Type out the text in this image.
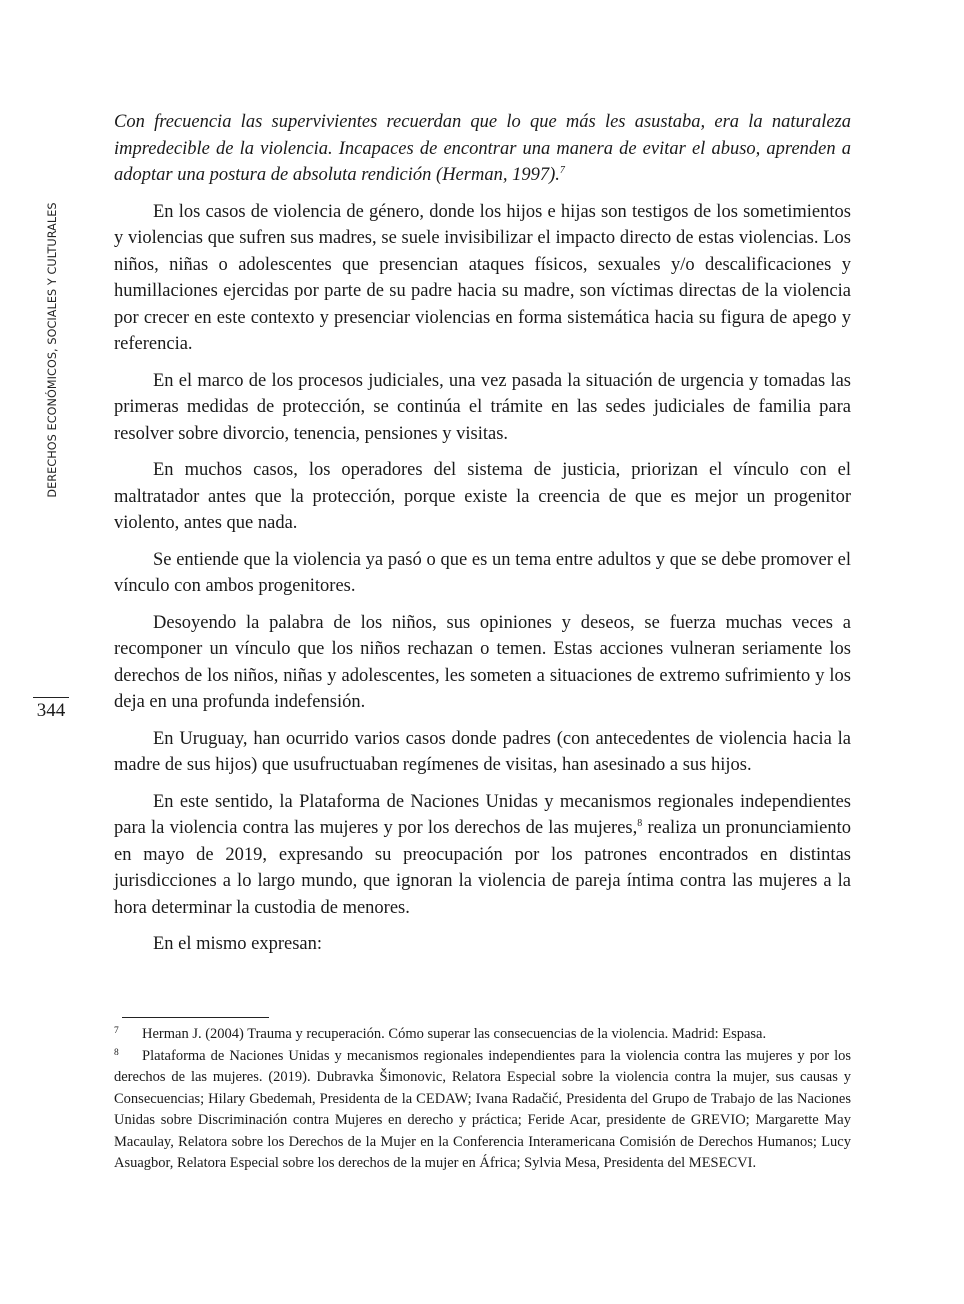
DERECHOS ECONÓMICOS, SOCIALES Y CULTURALES
344

Con frecuencia las supervivientes recuerdan que lo que más les asustaba, era la naturaleza impredecible de la violencia. Incapaces de encontrar una manera de evitar el abuso, aprenden a adoptar una postura de absoluta rendición (Herman, 1997).$^7$

En los casos de violencia de género, donde los hijos e hijas son testigos de los sometimientos y violencias que sufren sus madres, se suele invisibilizar el impacto directo de estas violencias. Los niños, niñas o adolescentes que presencian ataques físicos, sexuales y/o descalificaciones y humillaciones ejercidas por parte de su padre hacia su madre, son víctimas directas de la violencia por crecer en este contexto y presenciar violencias en forma sistemática hacia su figura de apego y referencia.

En el marco de los procesos judiciales, una vez pasada la situación de urgencia y tomadas las primeras medidas de protección, se continúa el trámite en las sedes judiciales de familia para resolver sobre divorcio, tenencia, pensiones y visitas.

En muchos casos, los operadores del sistema de justicia, priorizan el vínculo con el maltratador antes que la protección, porque existe la creencia de que es mejor un progenitor violento, antes que nada.

Se entiende que la violencia ya pasó o que es un tema entre adultos y que se debe promover el vínculo con ambos progenitores.

Desoyendo la palabra de los niños, sus opiniones y deseos, se fuerza muchas veces a recomponer un vínculo que los niños rechazan o temen. Estas acciones vulneran seriamente los derechos de los niños, niñas y adolescentes, les someten a situaciones de extremo sufrimiento y los deja en una profunda indefensión.

En Uruguay, han ocurrido varios casos donde padres (con antecedentes de violencia hacia la madre de sus hijos) que usufructuaban regímenes de visitas, han asesinado a sus hijos.

En este sentido, la Plataforma de Naciones Unidas y mecanismos regionales independientes para la violencia contra las mujeres y por los derechos de las mujeres,$^8$ realiza un pronunciamiento en mayo de 2019, expresando su preocupación por los patrones encontrados en distintas jurisdicciones a lo largo mundo, que ignoran la violencia de pareja íntima contra las mujeres a la hora determinar la custodia de menores.

En el mismo expresan:

7 Herman J. (2004) Trauma y recuperación. Cómo superar las consecuencias de la violencia. Madrid: Espasa.

8 Plataforma de Naciones Unidas y mecanismos regionales independientes para la violencia contra las mujeres y por los derechos de las mujeres. (2019). Dubravka Šimonovic, Relatora Especial sobre la violencia contra la mujer, sus causas y Consecuencias; Hilary Gbedemah, Presidenta de la CEDAW; Ivana Radačić, Presidenta del Grupo de Trabajo de las Naciones Unidas sobre Discriminación contra Mujeres en derecho y práctica; Feride Acar, presidente de GREVIO; Margarette May Macaulay, Relatora sobre los Derechos de la Mujer en la Conferencia Interamericana Comisión de Derechos Humanos; Lucy Asuagbor, Relatora Especial sobre los derechos de la mujer en África; Sylvia Mesa, Presidenta del MESECVI.
